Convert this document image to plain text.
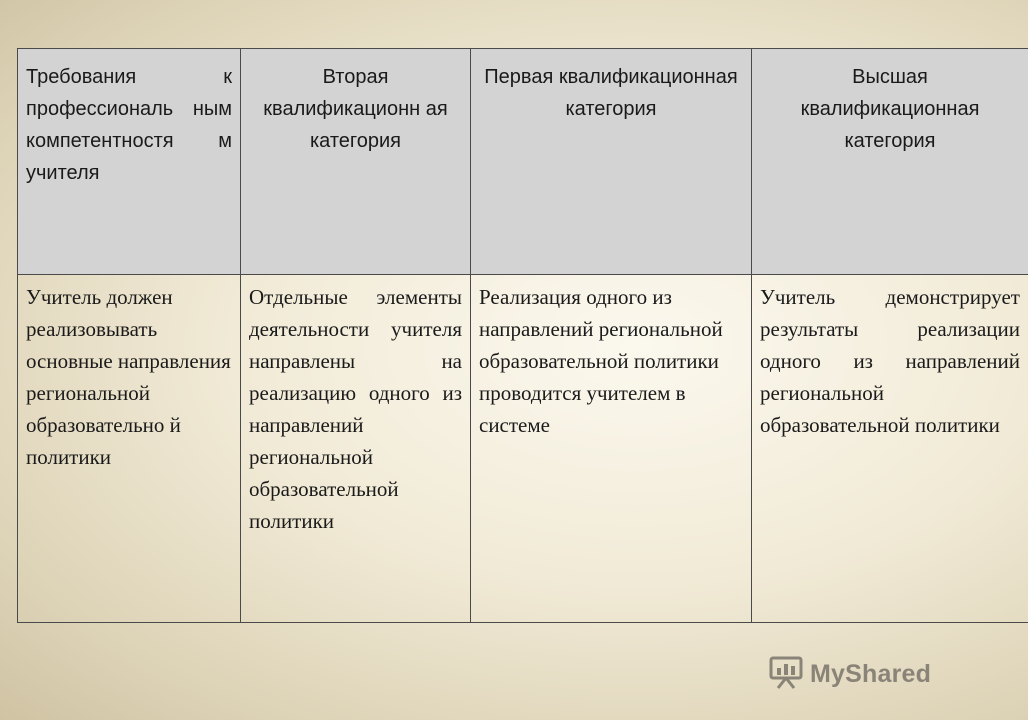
Требования к профессиональ ным компетентностя м учителя	Вторая квалификационн ая категория	Первая квалификационная категория	Высшая квалификационная категория
Учитель должен реализовывать основные направления региональной образовательно й политики	Отдельные элементы деятельности учителя направлены на реализацию одного из направлений региональной образовательной политики	Реализация одного из направлений региональной образовательной политики проводится учителем в системе	Учитель демонстрирует результаты реализации одного из направлений региональной образовательной политики
MyShared
